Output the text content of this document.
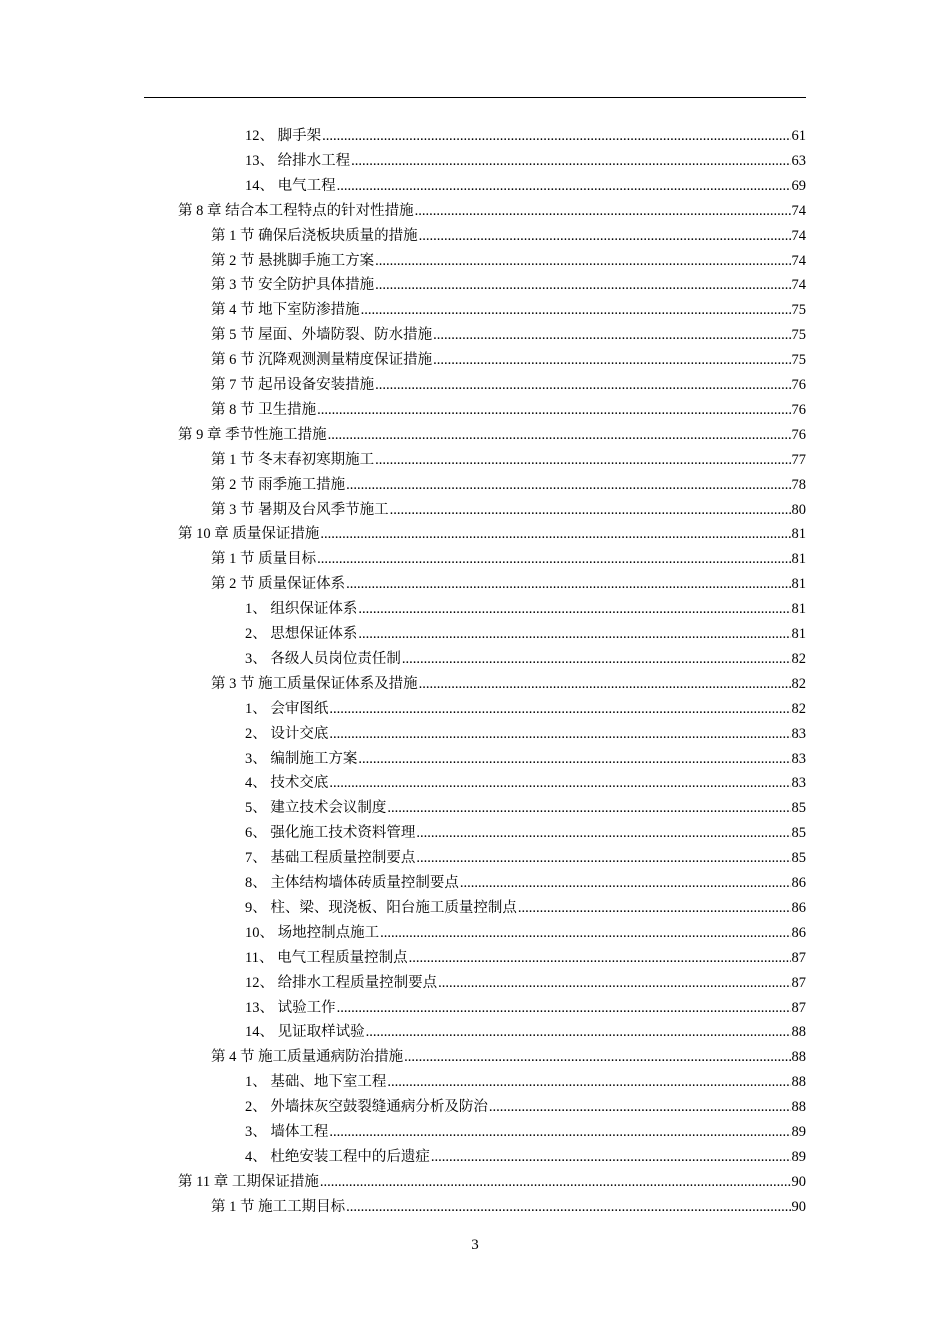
12、 脚手架 .....	61
13、 给排水工程 .....	63
14、 电气工程 .....	69
第 8 章 结合本工程特点的针对性措施 .....	74
第 1 节 确保后浇板块质量的措施 .....	74
第 2 节 悬挑脚手施工方案 .....	74
第 3 节 安全防护具体措施 .....	74
第 4 节 地下室防渗措施 .....	75
第 5 节 屋面、外墙防裂、防水措施 .....	75
第 6 节 沉降观测测量精度保证措施 .....	75
第 7 节 起吊设备安装措施 .....	76
第 8 节 卫生措施 .....	76
第 9 章 季节性施工措施 .....	76
第 1 节 冬末春初寒期施工 .....	77
第 2 节 雨季施工措施 .....	78
第 3 节 暑期及台风季节施工 .....	80
第 10 章 质量保证措施 .....	81
第 1 节 质量目标 .....	81
第 2 节 质量保证体系 .....	81
1、 组织保证体系 .....	81
2、 思想保证体系 .....	81
3、 各级人员岗位责任制 .....	82
第 3 节 施工质量保证体系及措施 .....	82
1、 会审图纸 .....	82
2、 设计交底 .....	83
3、 编制施工方案 .....	83
4、 技术交底 .....	83
5、 建立技术会议制度 .....	85
6、 强化施工技术资料管理 .....	85
7、 基础工程质量控制要点 .....	85
8、 主体结构墙体砖质量控制要点 .....	86
9、 柱、梁、现浇板、阳台施工质量控制点 .....	86
10、 场地控制点施工 .....	86
11、 电气工程质量控制点 .....	87
12、 给排水工程质量控制要点 .....	87
13、 试验工作 .....	87
14、 见证取样试验 .....	88
第 4 节 施工质量通病防治措施 .....	88
1、 基础、地下室工程 .....	88
2、 外墙抹灰空鼓裂缝通病分析及防治 .....	88
3、 墙体工程 .....	89
4、 杜绝安装工程中的后遗症 .....	89
第 11 章 工期保证措施 .....	90
第 1 节 施工工期目标 .....	90
3
